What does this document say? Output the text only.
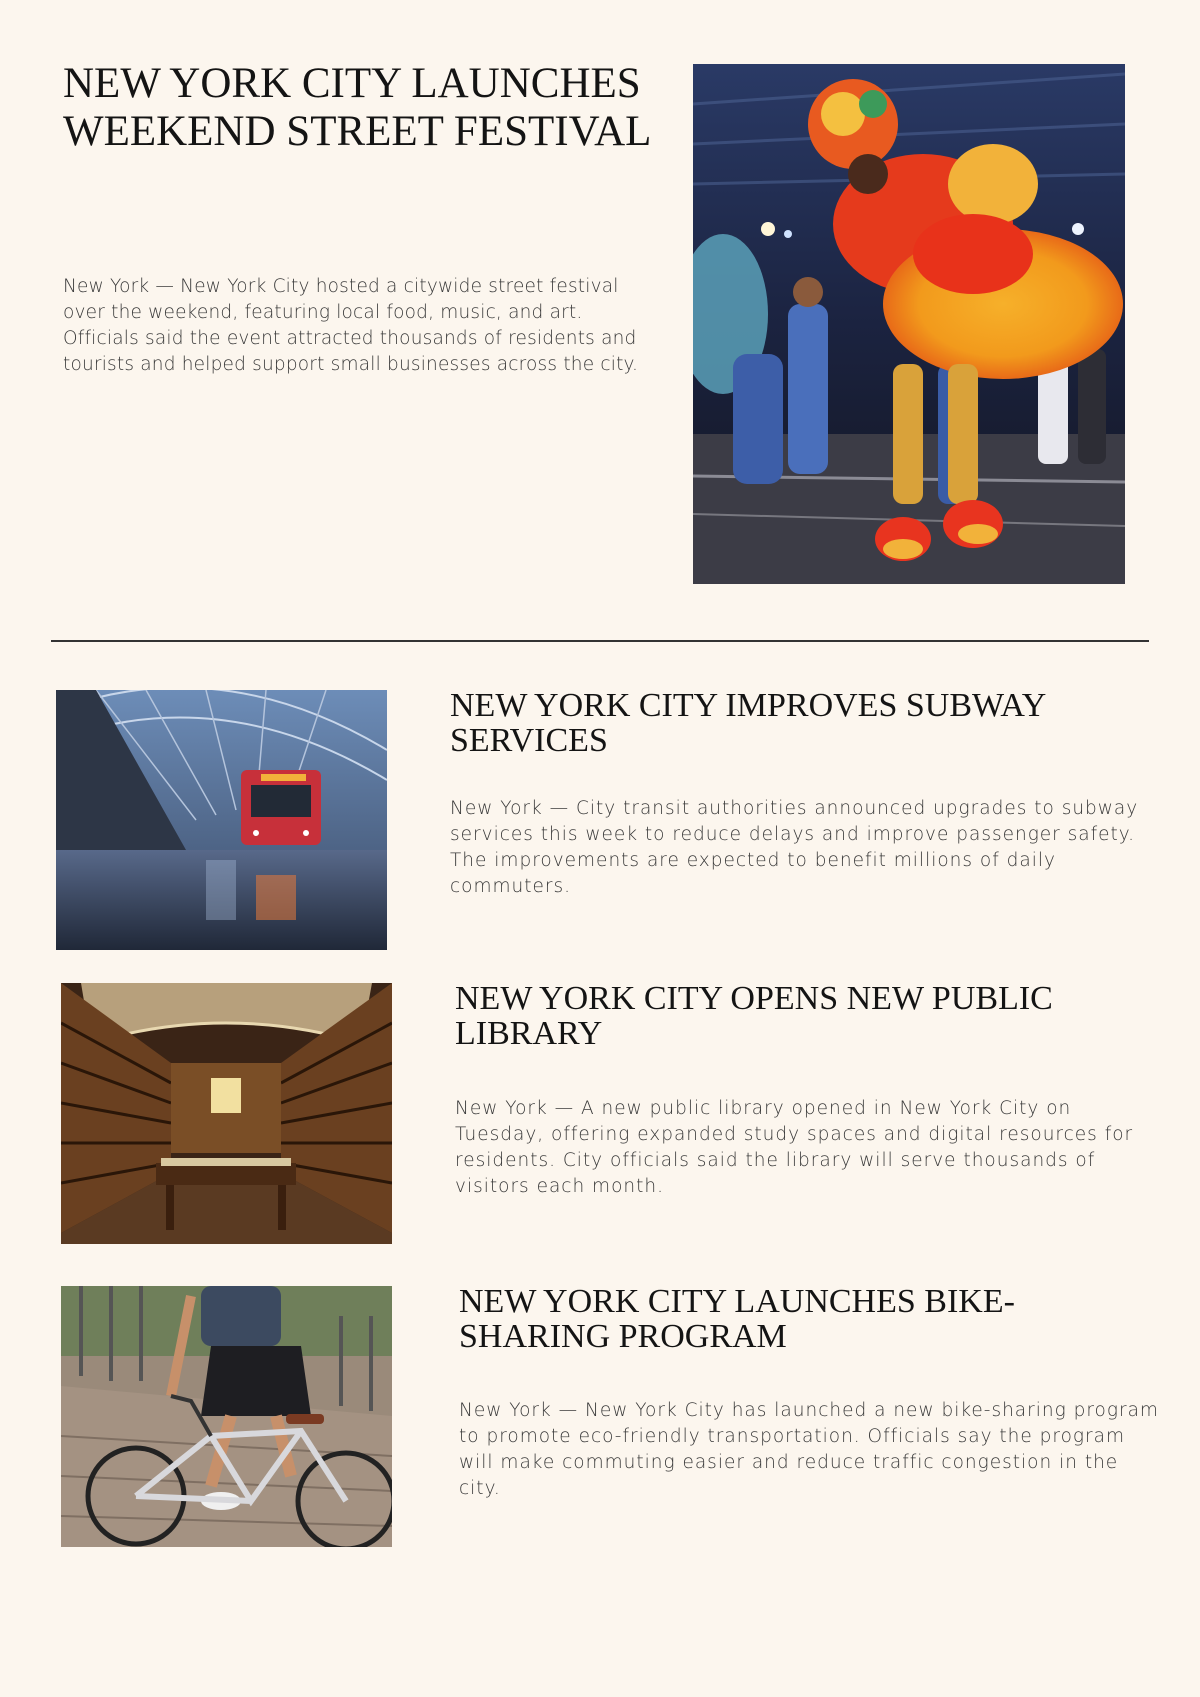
NEW YORK CITY LAUNCHES WEEKEND STREET FESTIVAL

New York — New York City hosted a citywide street festival over the weekend, featuring local food, music, and art. Officials said the event attracted thousands of residents and tourists and helped support small businesses across the city.

NEW YORK CITY IMPROVES SUBWAY SERVICES

New York — City transit authorities announced upgrades to subway services this week to reduce delays and improve passenger safety. The improvements are expected to benefit millions of daily commuters.

NEW YORK CITY OPENS NEW PUBLIC LIBRARY

New York — A new public library opened in New York City on Tuesday, offering expanded study spaces and digital resources for residents. City officials said the library will serve thousands of visitors each month.

NEW YORK CITY LAUNCHES BIKE-SHARING PROGRAM

New York — New York City has launched a new bike-sharing program to promote eco-friendly transportation. Officials say the program will make commuting easier and reduce traffic congestion in the city.
